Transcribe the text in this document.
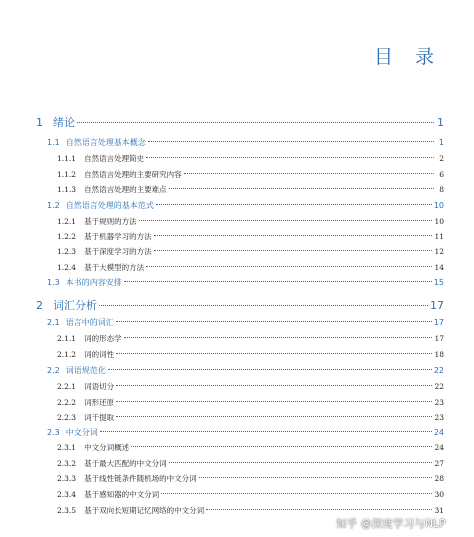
目 录
1 绪论	1
1.1 自然语言处理基本概念	1
1.1.1 自然语言处理简史	2
1.1.2 自然语言处理的主要研究内容	6
1.1.3 自然语言处理的主要难点	8
1.2 自然语言处理的基本范式	10
1.2.1 基于规则的方法	10
1.2.2 基于机器学习的方法	11
1.2.3 基于深度学习的方法	12
1.2.4 基于大模型的方法	14
1.3 本书的内容安排	15
2 词汇分析	17
2.1 语言中的词汇	17
2.1.1 词的形态学	17
2.1.2 词的词性	18
2.2 词语规范化	22
2.2.1 词语切分	22
2.2.2 词形还原	23
2.2.3 词干提取	23
2.3 中文分词	24
2.3.1 中文分词概述	24
2.3.2 基于最大匹配的中文分词	27
2.3.3 基于线性链条件随机场的中文分词	28
2.3.4 基于感知器的中文分词	30
2.3.5 基于双向长短期记忆网络的中文分词	31
知乎 @深度学习与NLP
